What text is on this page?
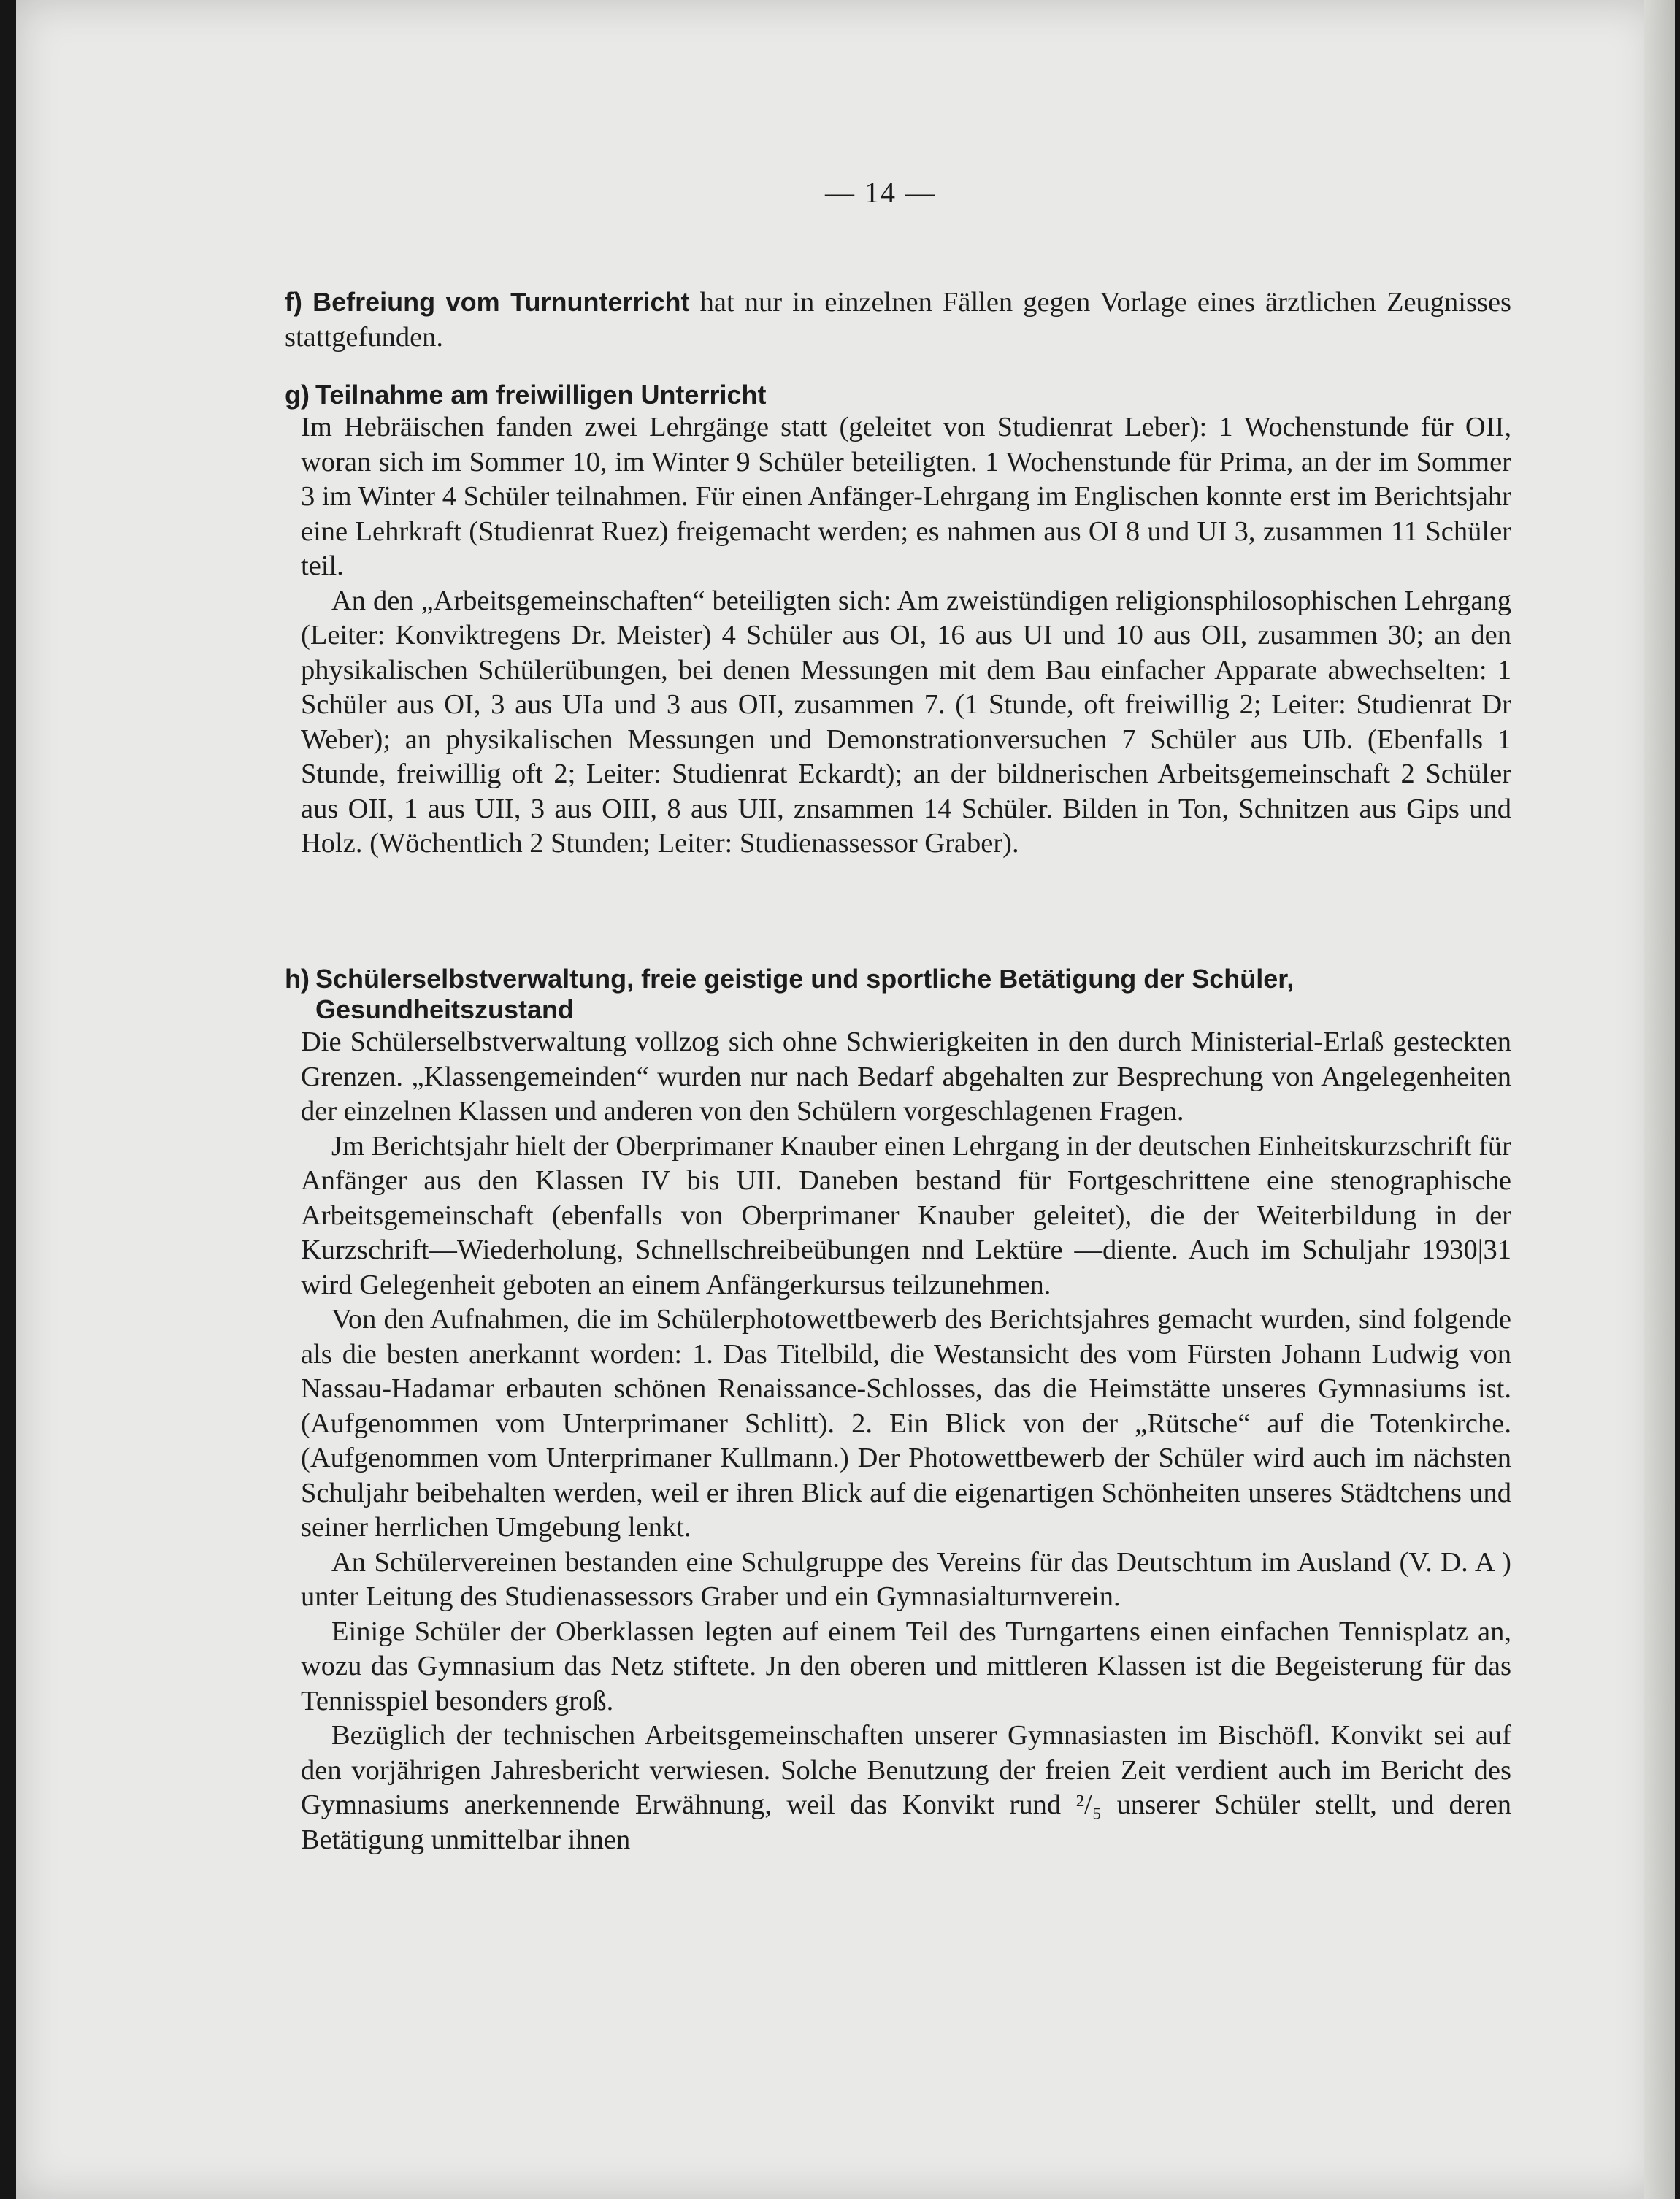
— 14 —

f) Befreiung vom Turnunterricht hat nur in einzelnen Fällen gegen Vorlage eines ärztlichen Zeugnisses stattgefunden.

g) Teilnahme am freiwilligen Unterricht

Im Hebräischen fanden zwei Lehrgänge statt (geleitet von Studienrat Leber): 1 Wochenstunde für OII, woran sich im Sommer 10, im Winter 9 Schüler beteiligten. 1 Wochenstunde für Prima, an der im Sommer 3 im Winter 4 Schüler teilnahmen. Für einen Anfänger-Lehrgang im Englischen konnte erst im Berichtsjahr eine Lehrkraft (Studienrat Ruez) freigemacht werden; es nahmen aus OI 8 und UI 3, zusammen 11 Schüler teil.

An den „Arbeitsgemeinschaften“ beteiligten sich: Am zweistündigen religionsphilosophischen Lehrgang (Leiter: Konviktregens Dr. Meister) 4 Schüler aus OI, 16 aus UI und 10 aus OII, zusammen 30; an den physikalischen Schülerübungen, bei denen Messungen mit dem Bau einfacher Apparate abwechselten: 1 Schüler aus OI, 3 aus UIa und 3 aus OII, zusammen 7. (1 Stunde, oft freiwillig 2; Leiter: Studienrat Dr Weber); an physikalischen Messungen und Demonstrationversuchen 7 Schüler aus UIb. (Ebenfalls 1 Stunde, freiwillig oft 2; Leiter: Studienrat Eckardt); an der bildnerischen Arbeitsgemeinschaft 2 Schüler aus OII, 1 aus UII, 3 aus OIII, 8 aus UII, znsammen 14 Schüler. Bilden in Ton, Schnitzen aus Gips und Holz. (Wöchentlich 2 Stunden; Leiter: Studienassessor Graber).

h) Schülerselbstverwaltung, freie geistige und sportliche Betätigung der Schüler,
Gesundheitszustand

Die Schülerselbstverwaltung vollzog sich ohne Schwierigkeiten in den durch Ministerial-Erlaß gesteckten Grenzen. „Klassengemeinden“ wurden nur nach Bedarf abgehalten zur Besprechung von Angelegenheiten der einzelnen Klassen und anderen von den Schülern vorgeschlagenen Fragen.

Jm Berichtsjahr hielt der Oberprimaner Knauber einen Lehrgang in der deutschen Einheitskurzschrift für Anfänger aus den Klassen IV bis UII. Daneben bestand für Fortgeschrittene eine stenographische Arbeitsgemeinschaft (ebenfalls von Oberprimaner Knauber geleitet), die der Weiterbildung in der Kurzschrift—Wiederholung, Schnellschreibeübungen nnd Lektüre —diente. Auch im Schuljahr 1930|31 wird Gelegenheit geboten an einem Anfängerkursus teilzunehmen.

Von den Aufnahmen, die im Schülerphotowettbewerb des Berichtsjahres gemacht wurden, sind folgende als die besten anerkannt worden: 1. Das Titelbild, die Westansicht des vom Fürsten Johann Ludwig von Nassau-Hadamar erbauten schönen Renaissance-Schlosses, das die Heimstätte unseres Gymnasiums ist. (Aufgenommen vom Unterprimaner Schlitt). 2. Ein Blick von der „Rütsche“ auf die Totenkirche. (Aufgenommen vom Unterprimaner Kullmann.) Der Photowettbewerb der Schüler wird auch im nächsten Schuljahr beibehalten werden, weil er ihren Blick auf die eigenartigen Schönheiten unseres Städtchens und seiner herrlichen Umgebung lenkt.

An Schülervereinen bestanden eine Schulgruppe des Vereins für das Deutschtum im Ausland (V. D. A ) unter Leitung des Studienassessors Graber und ein Gymnasialturnverein.

Einige Schüler der Oberklassen legten auf einem Teil des Turngartens einen einfachen Tennisplatz an, wozu das Gymnasium das Netz stiftete. Jn den oberen und mittleren Klassen ist die Begeisterung für das Tennisspiel besonders groß.

Bezüglich der technischen Arbeitsgemeinschaften unserer Gymnasiasten im Bischöfl. Konvikt sei auf den vorjährigen Jahresbericht verwiesen. Solche Benutzung der freien Zeit verdient auch im Bericht des Gymnasiums anerkennende Erwähnung, weil das Konvikt rund ²/₅ unserer Schüler stellt, und deren Betätigung unmittelbar ihnen
